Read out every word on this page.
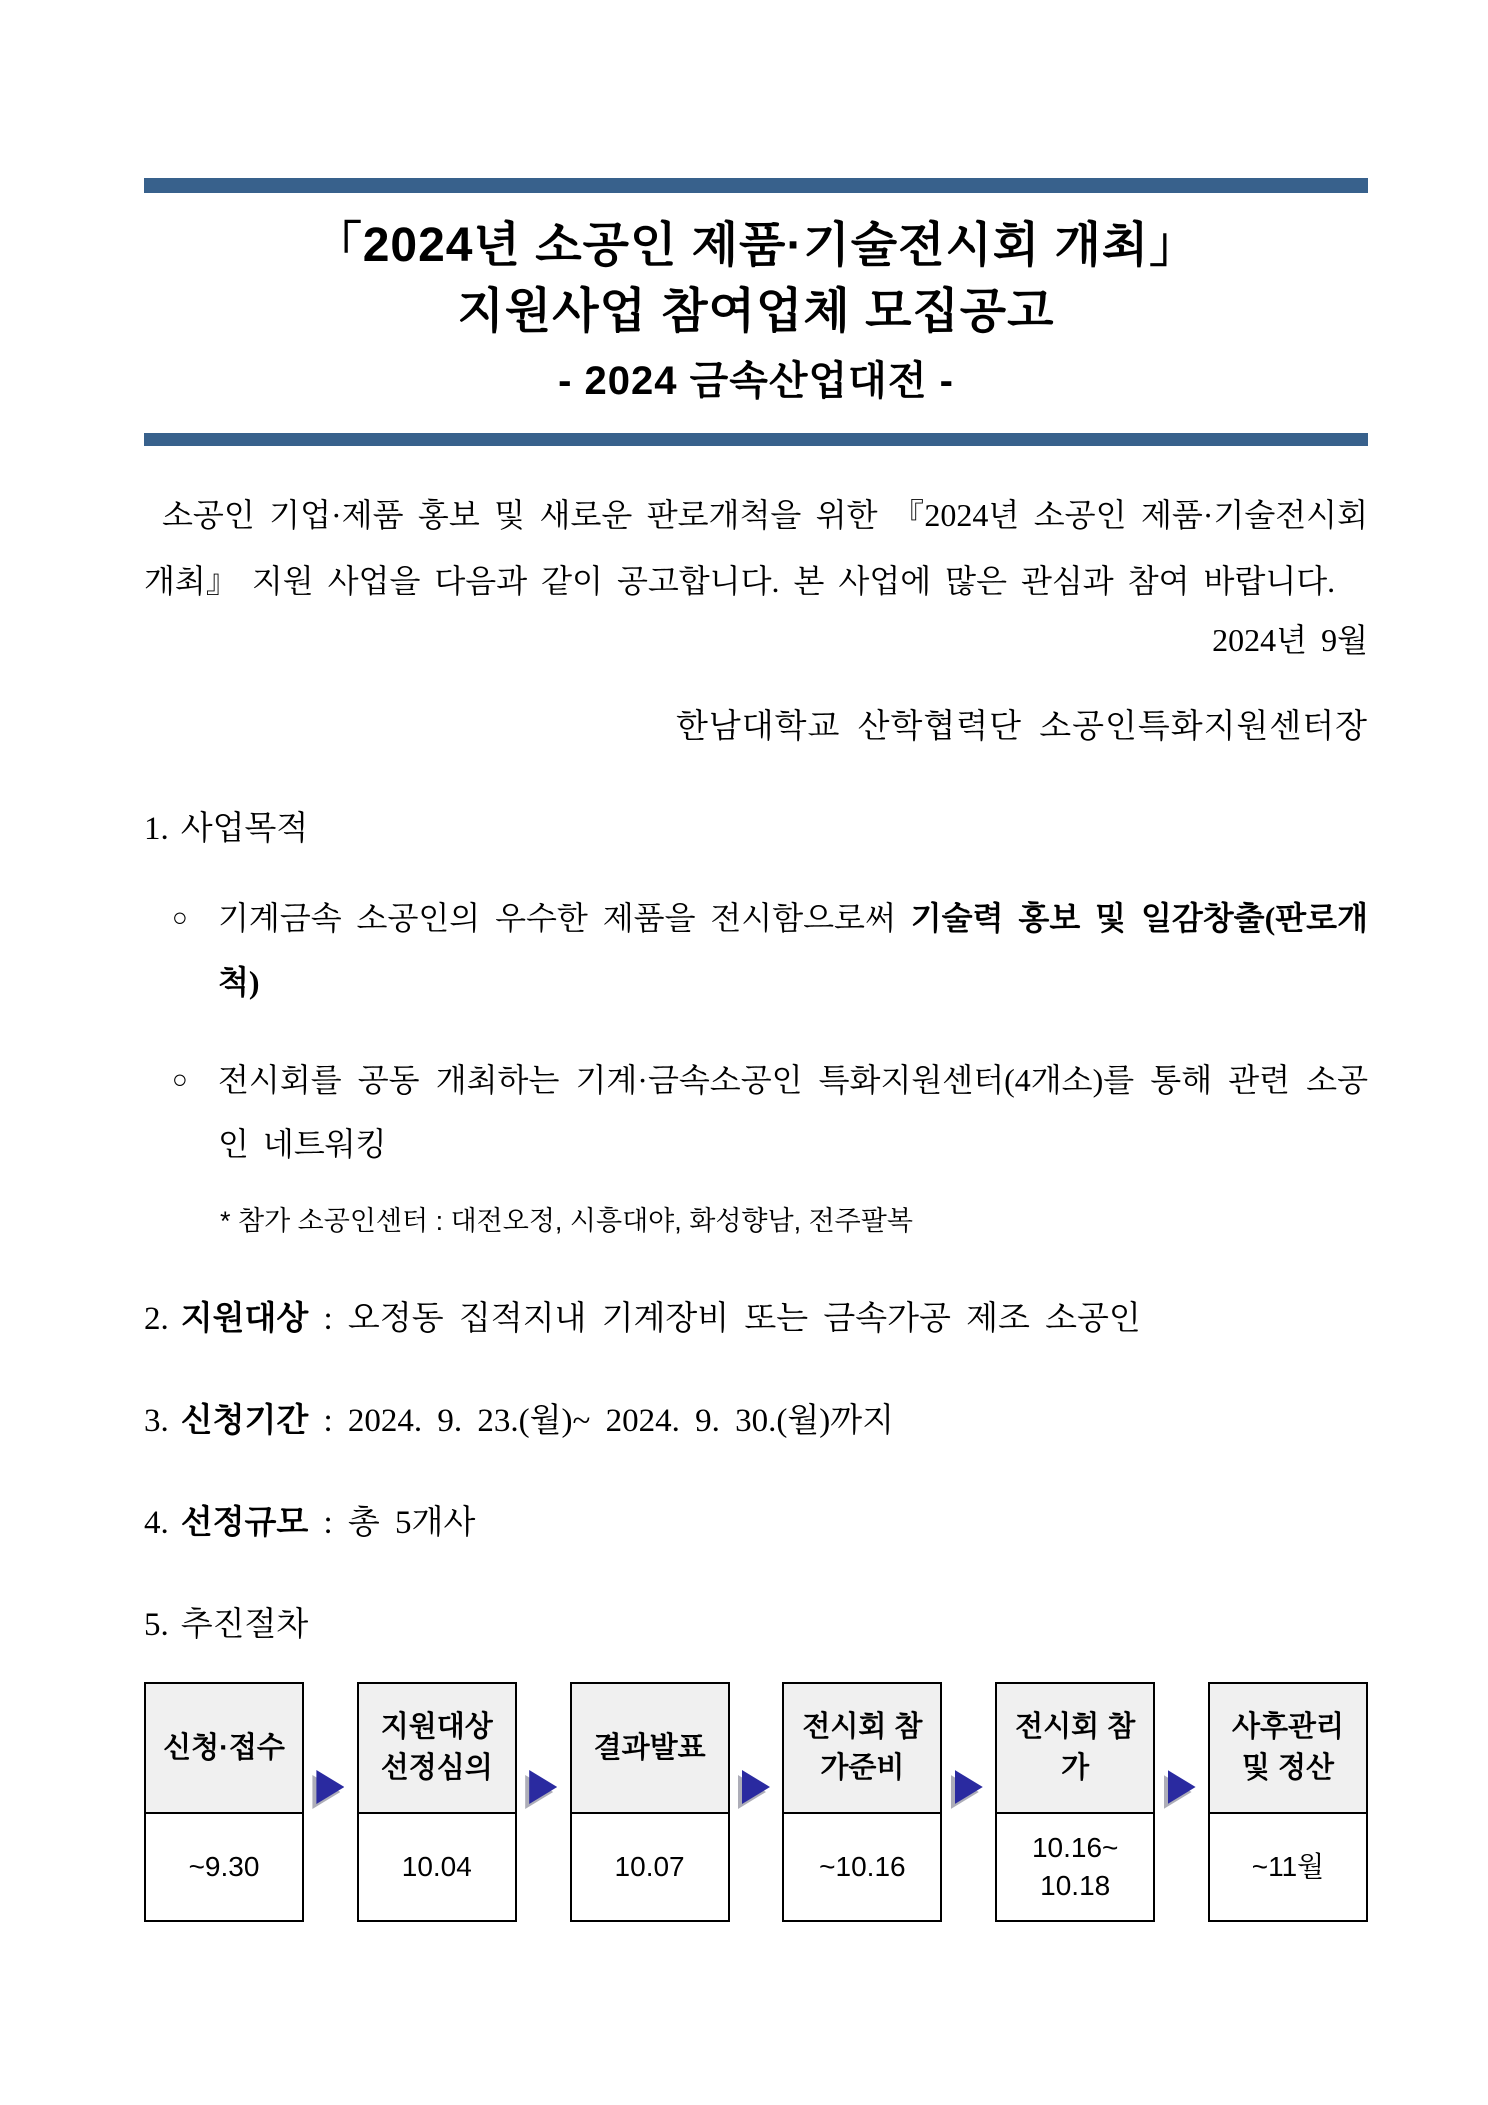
「2024년 소공인 제품·기술전시회 개최」
지원사업 참여업체 모집공고
- 2024 금속산업대전 -

소공인 기업·제품 홍보 및 새로운 판로개척을 위한 『2024년 소공인 제품·기술전시회 개최』 지원 사업을 다음과 같이 공고합니다. 본 사업에 많은 관심과 참여 바랍니다.

2024년 9월
한남대학교 산학협력단 소공인특화지원센터장
1. 사업목적
○ 기계금속 소공인의 우수한 제품을 전시함으로써 기술력 홍보 및 일감창출(판로개척)
○ 전시회를 공동 개최하는 기계·금속소공인 특화지원센터(4개소)를 통해 관련 소공인 네트워킹
* 참가 소공인센터 : 대전오정, 시흥대야, 화성향남, 전주팔복
2. 지원대상 : 오정동 집적지내 기계장비 또는 금속가공 제조 소공인
3. 신청기간 : 2024. 9. 23.(월)~ 2024. 9. 30.(월)까지
4. 선정규모 : 총 5개사
5. 추진절차
신청·접수
~9.30
지원대상 선정심의
10.04
결과발표
10.07
전시회 참가준비
~10.16
전시회 참가
10.16~ 10.18
사후관리 및 정산
~11월
